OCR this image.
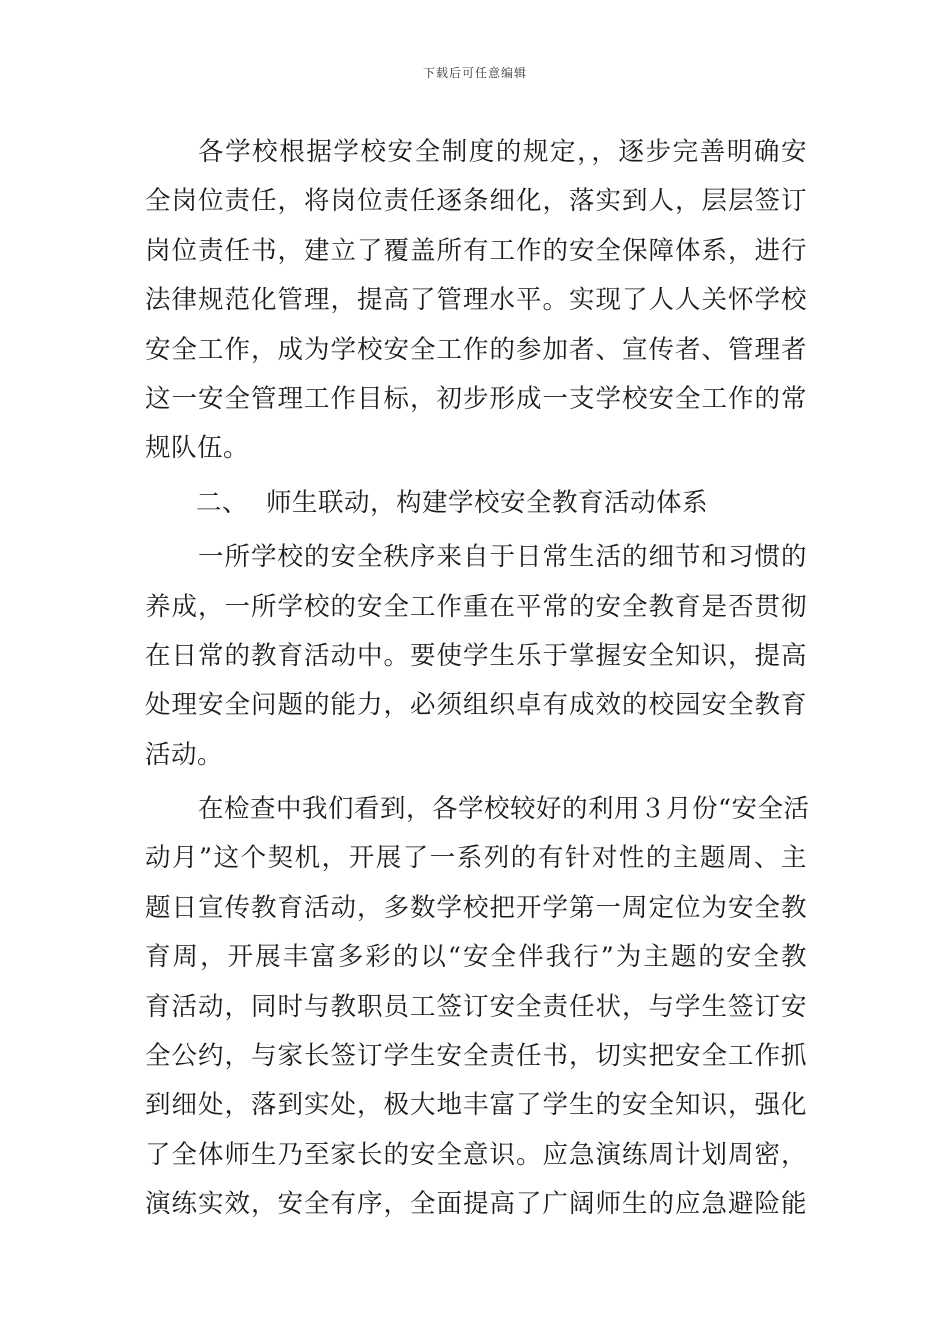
下载后可任意编辑
各学校根据学校安全制度的规定，，逐步完善明确安
全岗位责任，将岗位责任逐条细化，落实到人，层层签订
岗位责任书，建立了覆盖所有工作的安全保障体系，进行
法律规范化管理，提高了管理水平。实现了人人关怀学校
安全工作，成为学校安全工作的参加者、宣传者、管理者
这一安全管理工作目标，初步形成一支学校安全工作的常
规队伍。
二、 师生联动，构建学校安全教育活动体系
一所学校的安全秩序来自于日常生活的细节和习惯的
养成，一所学校的安全工作重在平常的安全教育是否贯彻
在日常的教育活动中。要使学生乐于掌握安全知识，提高
处理安全问题的能力，必须组织卓有成效的校园安全教育
活动。
在检查中我们看到，各学校较好的利用３月份“安全活
动月”这个契机，开展了一系列的有针对性的主题周、主
题日宣传教育活动，多数学校把开学第一周定位为安全教
育周，开展丰富多彩的以“安全伴我行”为主题的安全教
育活动，同时与教职员工签订安全责任状，与学生签订安
全公约，与家长签订学生安全责任书，切实把安全工作抓
到细处，落到实处，极大地丰富了学生的安全知识，强化
了全体师生乃至家长的安全意识。应急演练周计划周密，
演练实效，安全有序，全面提高了广阔师生的应急避险能
